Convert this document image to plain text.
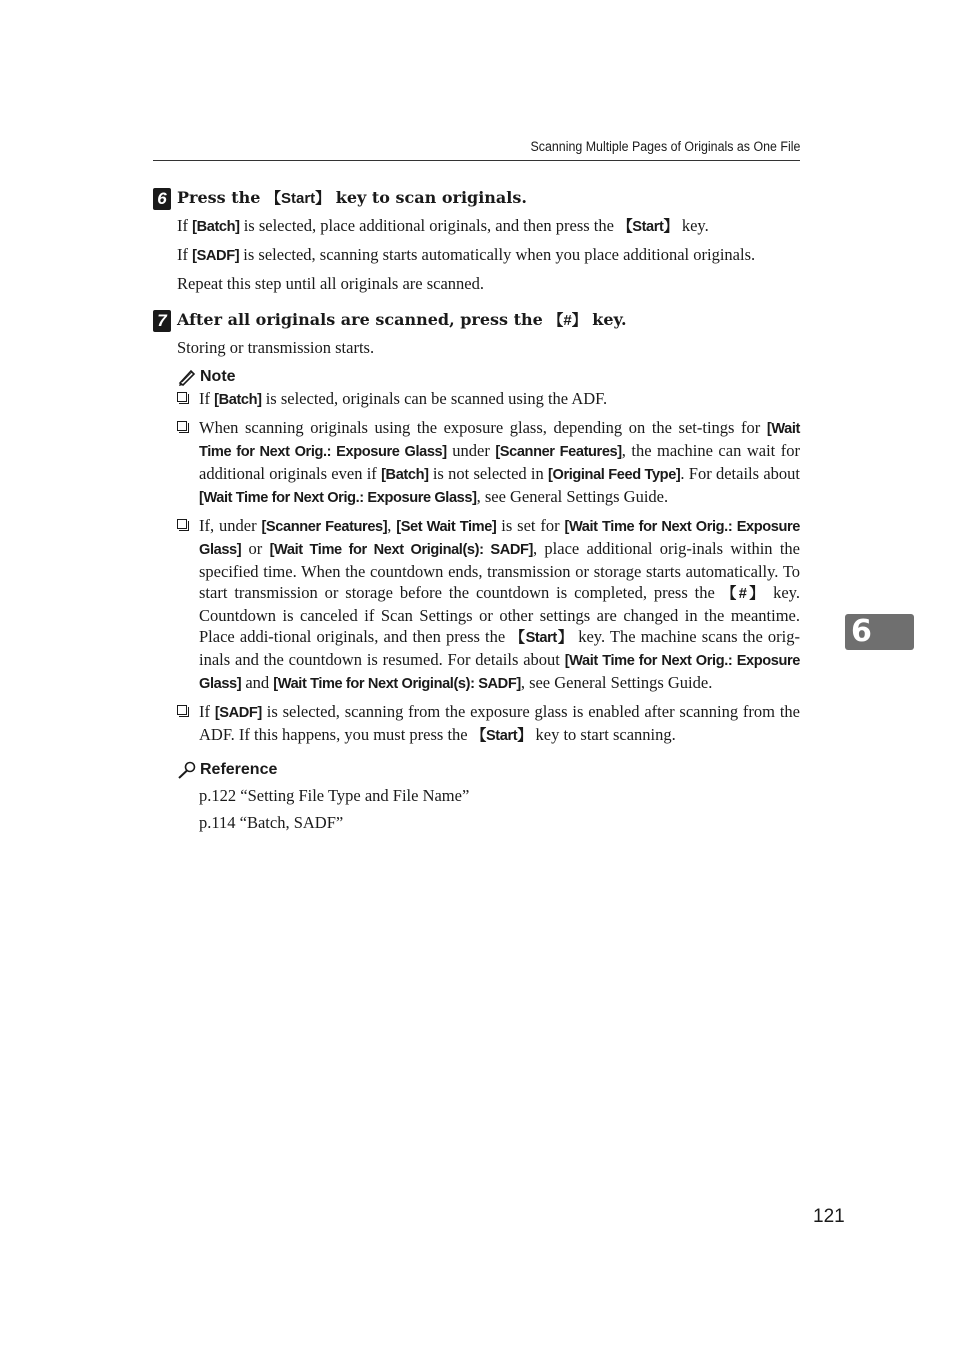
Scanning Multiple Pages of Originals as One File
6 Press the 【Start】 key to scan originals.

If [Batch] is selected, place additional originals, and then press the 【Start】 key.

If [SADF] is selected, scanning starts automatically when you place additional originals.

Repeat this step until all originals are scanned.

7 After all originals are scanned, press the 【#】 key.

Storing or transmission starts.

Note
If [Batch] is selected, originals can be scanned using the ADF.
When scanning originals using the exposure glass, depending on the set-tings for [Wait Time for Next Orig.: Exposure Glass] under [Scanner Features], the machine can wait for additional originals even if [Batch] is not selected in [Original Feed Type]. For details about [Wait Time for Next Orig.: Exposure Glass], see General Settings Guide.
If, under [Scanner Features], [Set Wait Time] is set for [Wait Time for Next Orig.: Exposure Glass] or [Wait Time for Next Original(s): SADF], place additional orig-inals within the specified time. When the countdown ends, transmission or storage starts automatically. To start transmission or storage before the countdown is completed, press the 【#】 key. Countdown is canceled if Scan Settings or other settings are changed in the meantime. Place addi-tional originals, and then press the 【Start】 key. The machine scans the orig-inals and the countdown is resumed. For details about [Wait Time for Next Orig.: Exposure Glass] and [Wait Time for Next Original(s): SADF], see General Settings Guide.
If [SADF] is selected, scanning from the exposure glass is enabled after scanning from the ADF. If this happens, you must press the 【Start】 key to start scanning.
Reference

p.122 “Setting File Type and File Name”

p.114 “Batch, SADF”

6
121
